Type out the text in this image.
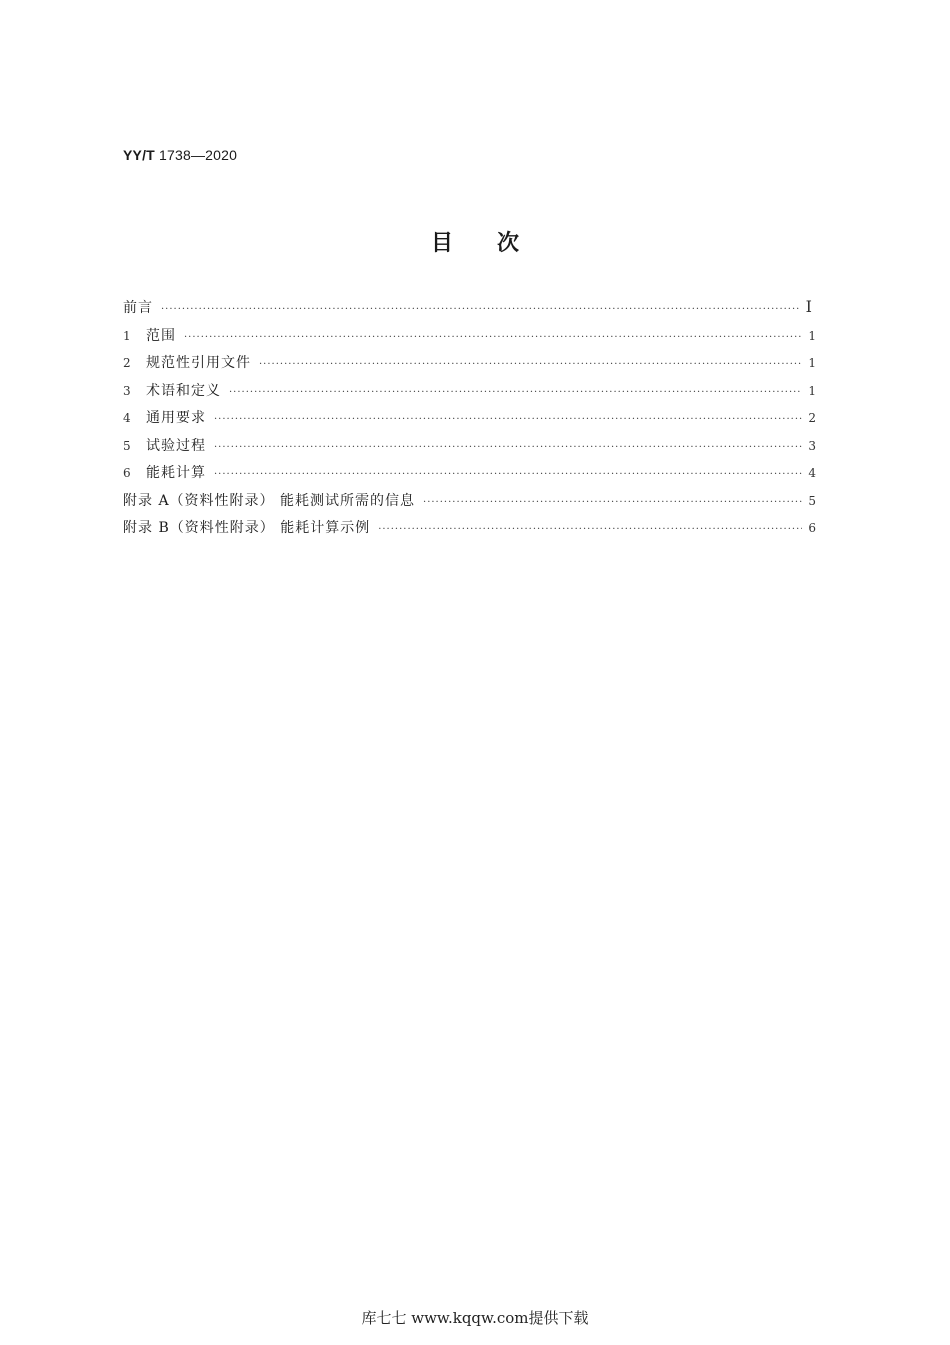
YY/T 1738—2020
目次
前言 ·····	I
1	范围 ·····	1
2	规范性引用文件 ·····	1
3	术语和定义 ·····	1
4	通用要求 ·····	2
5	试验过程 ·····	3
6	能耗计算 ·····	4
附录 A（资料性附录） 能耗测试所需的信息 ·····	5
附录 B（资料性附录） 能耗计算示例 ·····	6
库七七 www.kqqw.com提供下载
